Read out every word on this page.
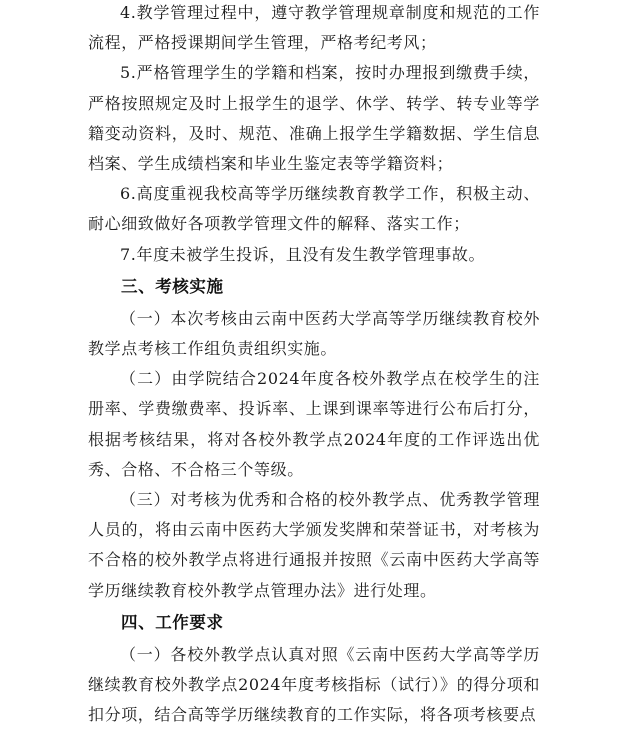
4.教学管理过程中，遵守教学管理规章制度和规范的工作流程，严格授课期间学生管理，严格考纪考风；

5.严格管理学生的学籍和档案，按时办理报到缴费手续，严格按照规定及时上报学生的退学、休学、转学、转专业等学籍变动资料，及时、规范、准确上报学生学籍数据、学生信息档案、学生成绩档案和毕业生鉴定表等学籍资料；

6.高度重视我校高等学历继续教育教学工作，积极主动、耐心细致做好各项教学管理文件的解释、落实工作；

7.年度未被学生投诉，且没有发生教学管理事故。

三、考核实施

（一）本次考核由云南中医药大学高等学历继续教育校外教学点考核工作组负责组织实施。

（二）由学院结合2024年度各校外教学点在校学生的注册率、学费缴费率、投诉率、上课到课率等进行公布后打分，根据考核结果，将对各校外教学点2024年度的工作评选出优秀、合格、不合格三个等级。

（三）对考核为优秀和合格的校外教学点、优秀教学管理人员的，将由云南中医药大学颁发奖牌和荣誉证书，对考核为不合格的校外教学点将进行通报并按照《云南中医药大学高等学历继续教育校外教学点管理办法》进行处理。

四、工作要求

（一）各校外教学点认真对照《云南中医药大学高等学历继续教育校外教学点2024年度考核指标（试行）》的得分项和扣分项，结合高等学历继续教育的工作实际，将各项考核要点
